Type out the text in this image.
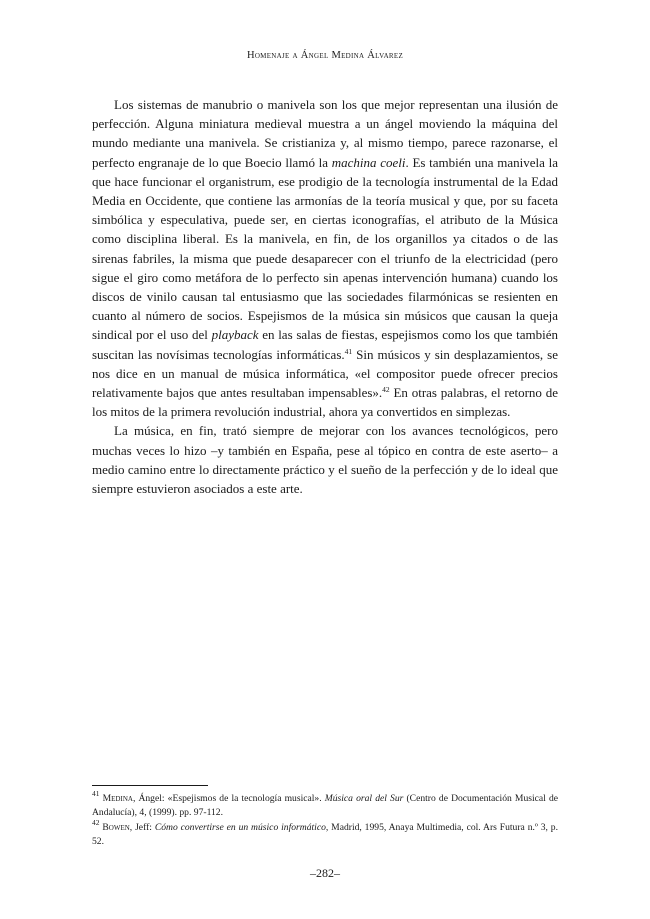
Homenaje a Ángel Medina Álvarez

Los sistemas de manubrio o manivela son los que mejor representan una ilusión de perfección. Alguna miniatura medieval muestra a un ángel moviendo la máquina del mundo mediante una manivela. Se cristianiza y, al mismo tiempo, parece razonarse, el perfecto engranaje de lo que Boecio llamó la machina coeli. Es también una manivela la que hace funcionar el organistrum, ese prodigio de la tecnología instrumental de la Edad Media en Occidente, que contiene las armonías de la teoría musical y que, por su faceta simbólica y especulativa, puede ser, en ciertas iconografías, el atributo de la Música como disciplina liberal. Es la manivela, en fin, de los organillos ya citados o de las sirenas fabriles, la misma que puede desaparecer con el triunfo de la electricidad (pero sigue el giro como metáfora de lo perfecto sin apenas intervención humana) cuando los discos de vinilo causan tal entusiasmo que las sociedades filarmónicas se resienten en cuanto al número de socios. Espejismos de la música sin músicos que causan la queja sindical por el uso del playback en las salas de fiestas, espejismos como los que también suscitan las novísimas tecnologías informáticas.$^{41}$ Sin músicos y sin desplazamientos, se nos dice en un manual de música informática, «el compositor puede ofrecer precios relativamente bajos que antes resultaban impensables».$^{42}$ En otras palabras, el retorno de los mitos de la primera revolución industrial, ahora ya convertidos en simplezas.

La música, en fin, trató siempre de mejorar con los avances tecnológicos, pero muchas veces lo hizo –y también en España, pese al tópico en contra de este aserto– a medio camino entre lo directamente práctico y el sueño de la perfección y de lo ideal que siempre estuvieron asociados a este arte.

$^{41}$ Medina, Ángel: «Espejismos de la tecnología musical». Música oral del Sur (Centro de Documentación Musical de Andalucía), 4, (1999). pp. 97-112.

$^{42}$ Bowen, Jeff: Cómo convertirse en un músico informático, Madrid, 1995, Anaya Multimedia, col. Ars Futura n.º 3, p. 52.

–282–
